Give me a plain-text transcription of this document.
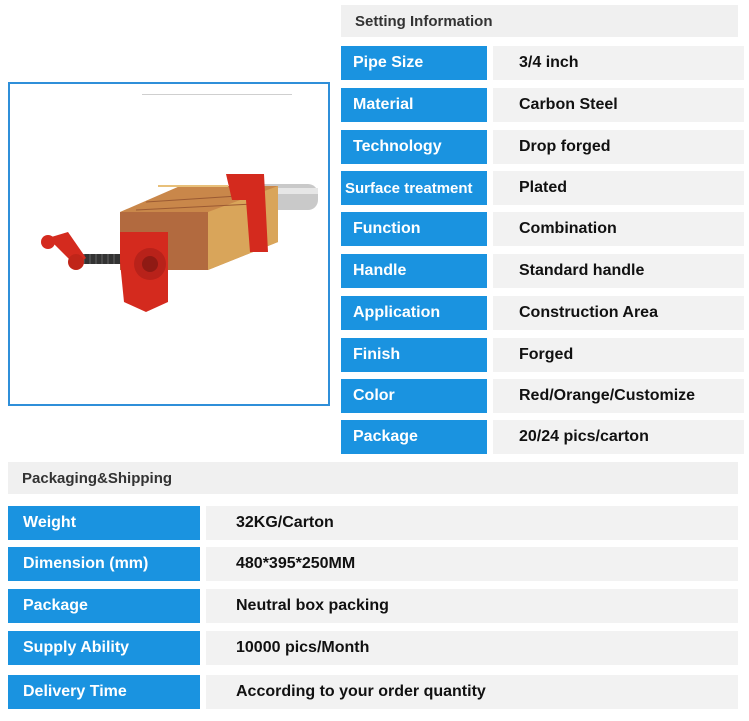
Setting Information
Pipe Size	3/4 inch
Material	Carbon Steel
Technology	Drop forged
Surface treatment	Plated
Function	Combination
Handle	Standard handle
Application	Construction Area
Finish	Forged
Color	Red/Orange/Customize
Package	20/24 pics/carton
Packaging&Shipping
Weight	32KG/Carton
Dimension (mm)	480*395*250MM
Package	Neutral box packing
Supply Ability	10000 pics/Month
Delivery Time	According to your order quantity
